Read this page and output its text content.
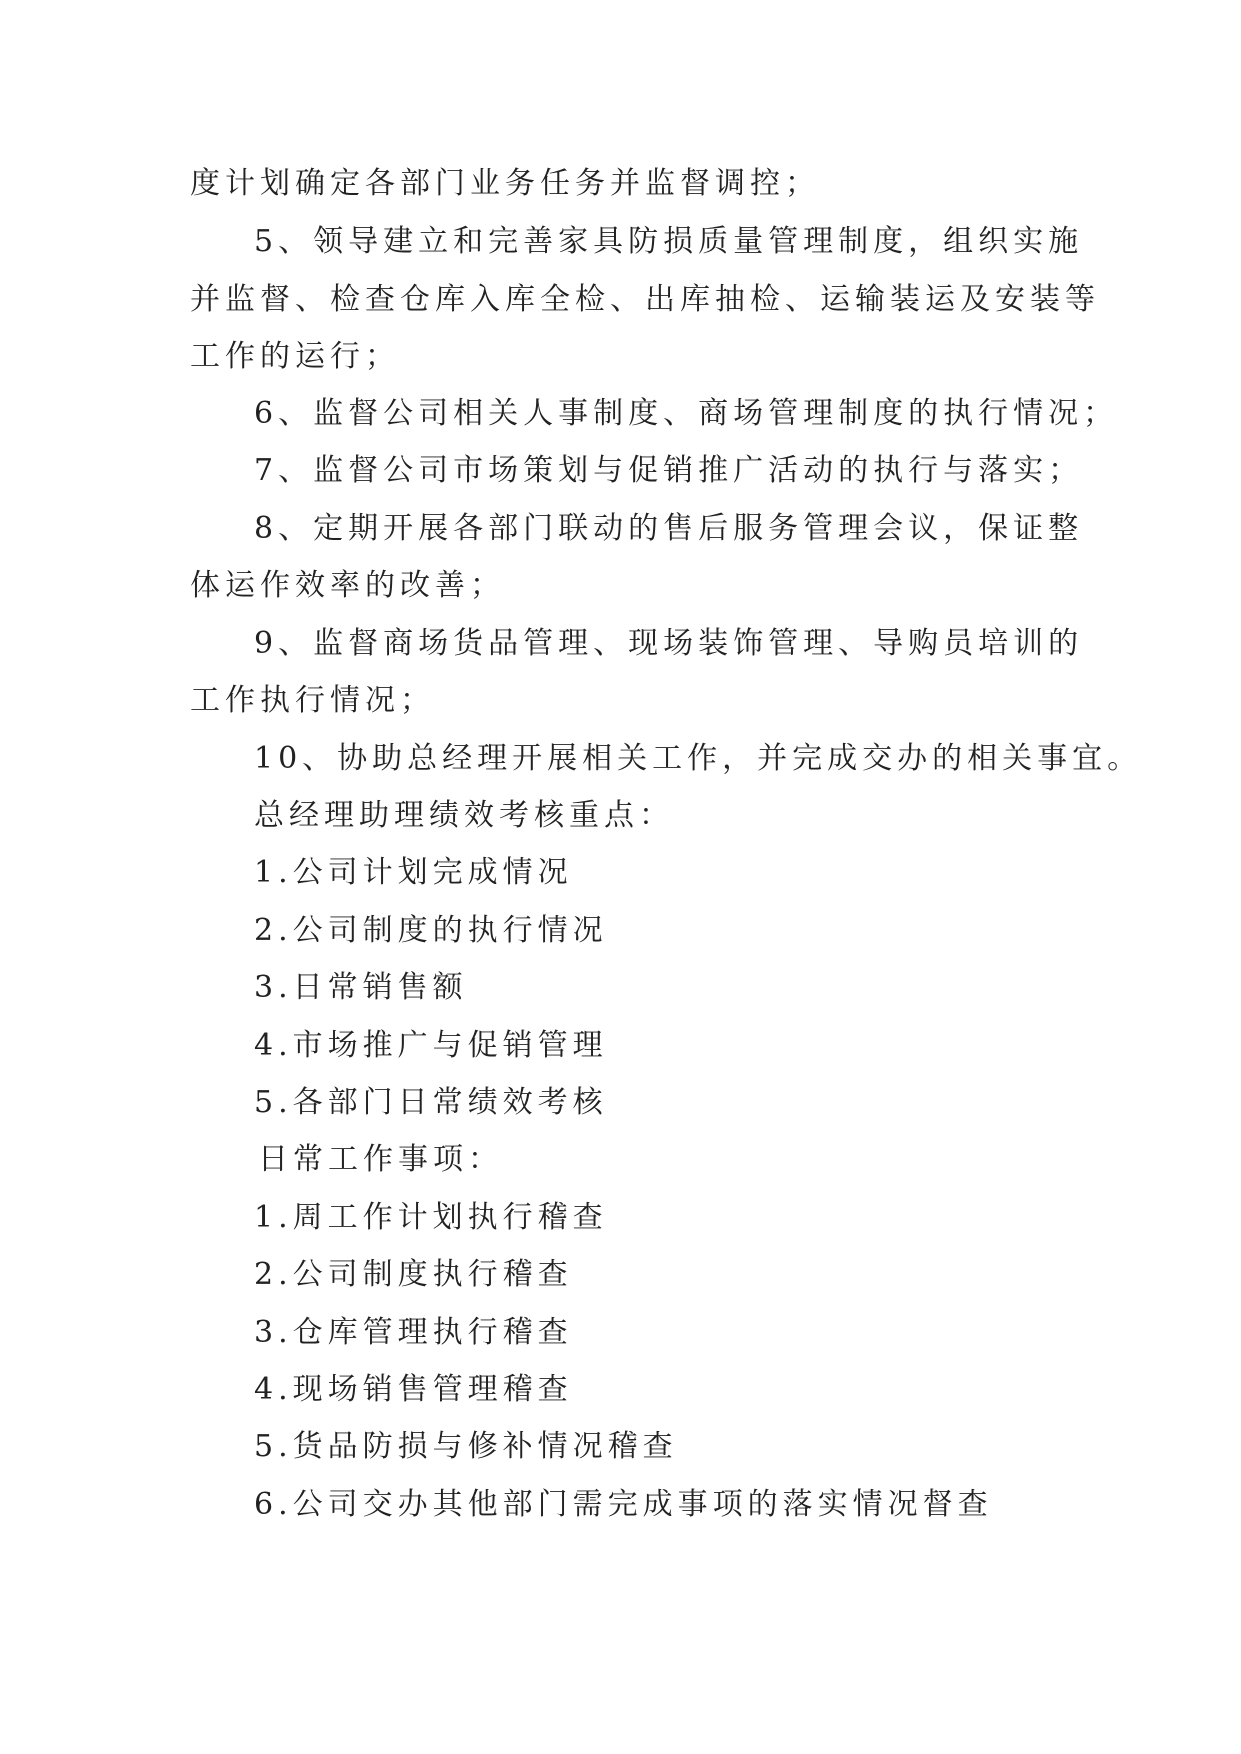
度计划确定各部门业务任务并监督调控；
5、领导建立和完善家具防损质量管理制度，组织实施
并监督、检查仓库入库全检、出库抽检、运输装运及安装等
工作的运行；
6、监督公司相关人事制度、商场管理制度的执行情况；
7、监督公司市场策划与促销推广活动的执行与落实；
8、定期开展各部门联动的售后服务管理会议，保证整
体运作效率的改善；
9、监督商场货品管理、现场装饰管理、导购员培训的
工作执行情况；
10、协助总经理开展相关工作，并完成交办的相关事宜。
总经理助理绩效考核重点：
1.公司计划完成情况
2.公司制度的执行情况
3.日常销售额
4.市场推广与促销管理
5.各部门日常绩效考核
日常工作事项：
1.周工作计划执行稽查
2.公司制度执行稽查
3.仓库管理执行稽查
4.现场销售管理稽查
5.货品防损与修补情况稽查
6.公司交办其他部门需完成事项的落实情况督查
